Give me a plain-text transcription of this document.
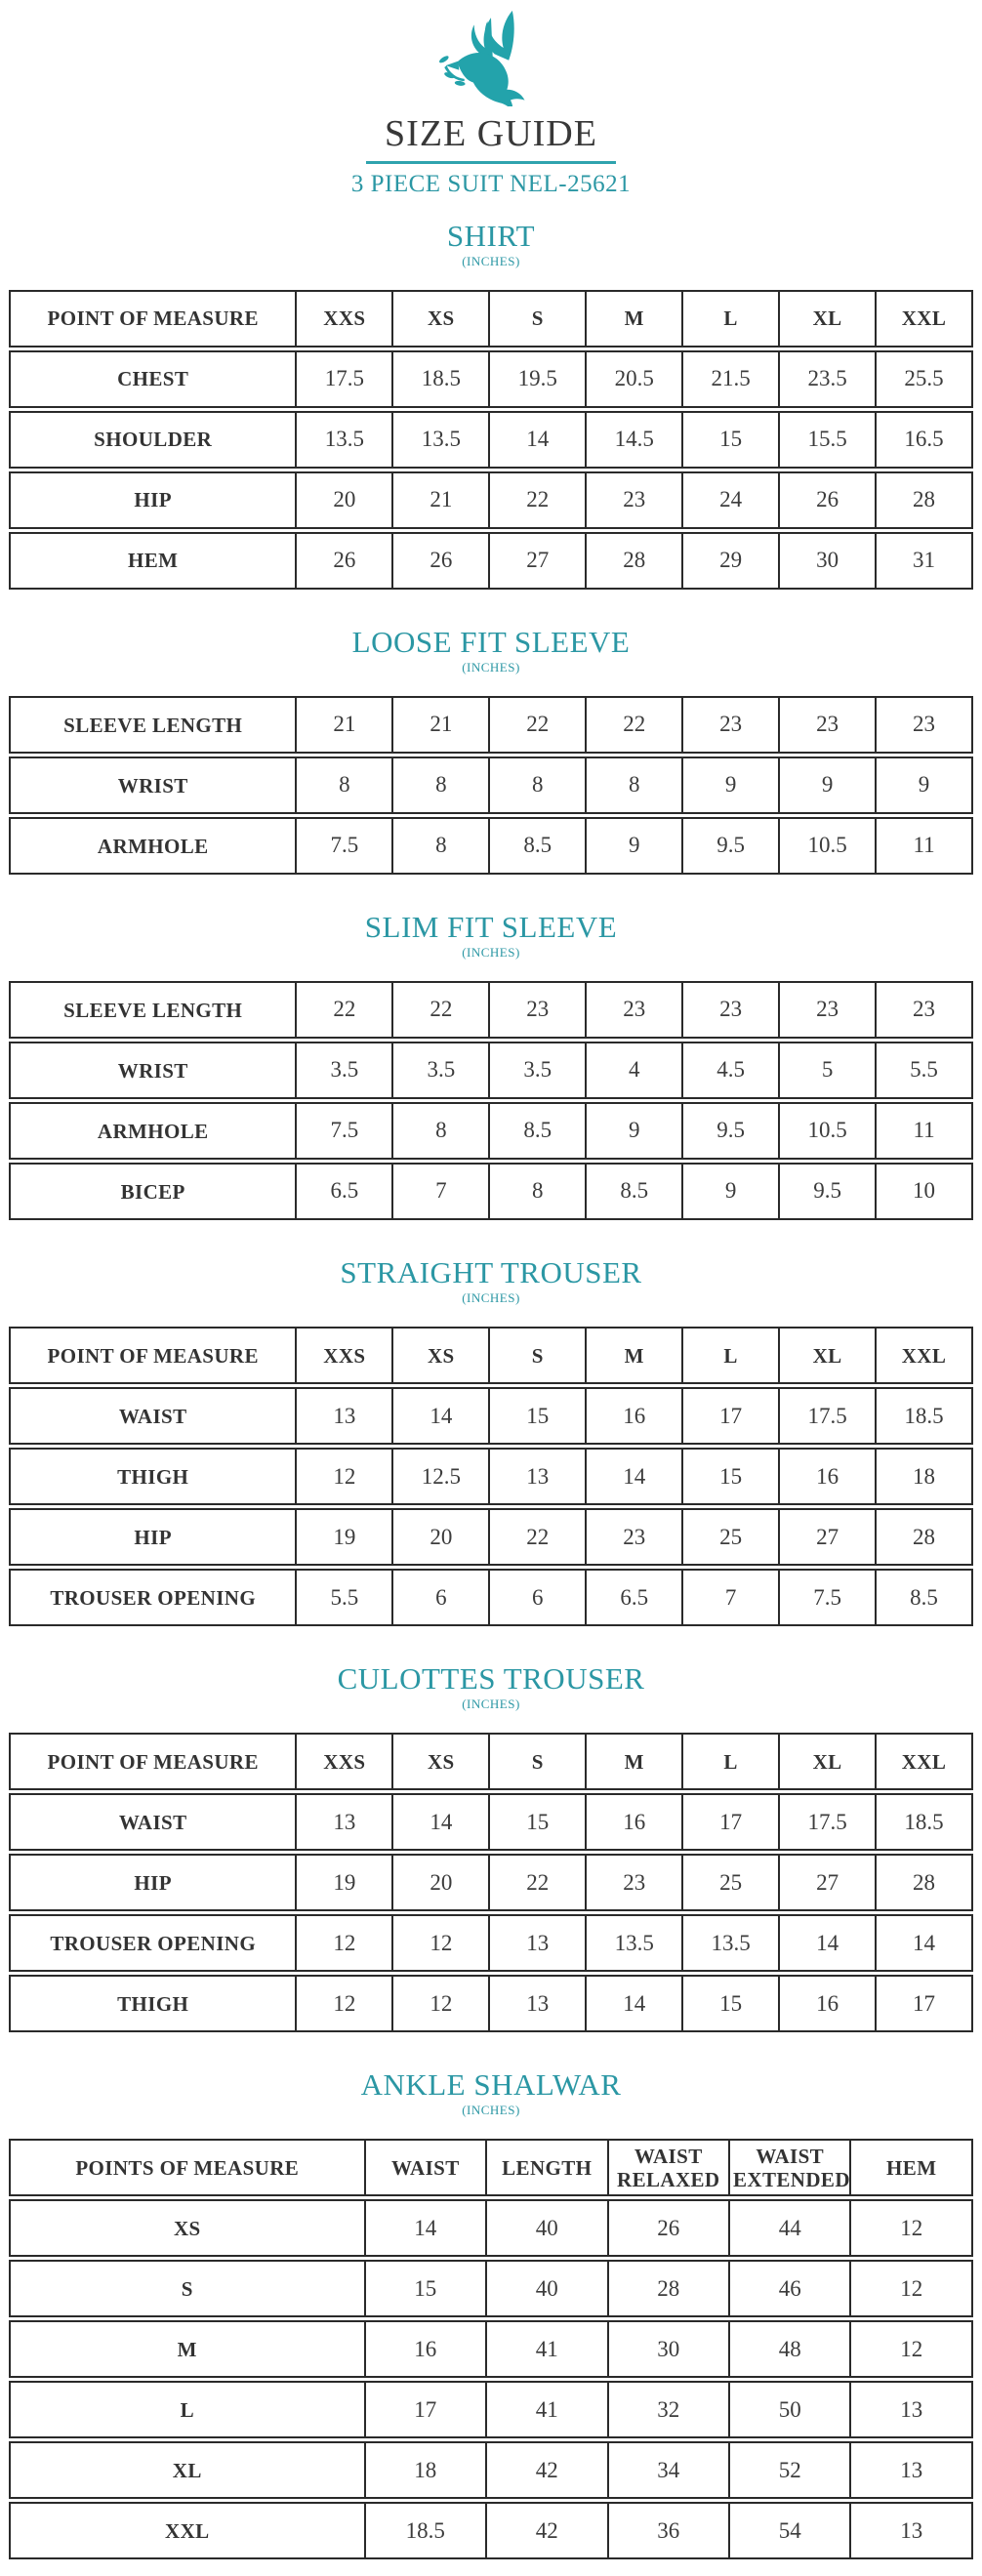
SIZE GUIDE
3 PIECE SUIT NEL-25621
SHIRT
(INCHES)
POINT OF MEASURE	XXS	XS	S	M	L	XL	XXL
CHEST	17.5	18.5	19.5	20.5	21.5	23.5	25.5
SHOULDER	13.5	13.5	14	14.5	15	15.5	16.5
HIP	20	21	22	23	24	26	28
HEM	26	26	27	28	29	30	31
LOOSE FIT SLEEVE
(INCHES)
SLEEVE LENGTH	21	21	22	22	23	23	23
WRIST	8	8	8	8	9	9	9
ARMHOLE	7.5	8	8.5	9	9.5	10.5	11
SLIM FIT SLEEVE
(INCHES)
SLEEVE LENGTH	22	22	23	23	23	23	23
WRIST	3.5	3.5	3.5	4	4.5	5	5.5
ARMHOLE	7.5	8	8.5	9	9.5	10.5	11
BICEP	6.5	7	8	8.5	9	9.5	10
STRAIGHT TROUSER
(INCHES)
POINT OF MEASURE	XXS	XS	S	M	L	XL	XXL
WAIST	13	14	15	16	17	17.5	18.5
THIGH	12	12.5	13	14	15	16	18
HIP	19	20	22	23	25	27	28
TROUSER OPENING	5.5	6	6	6.5	7	7.5	8.5
CULOTTES TROUSER
(INCHES)
POINT OF MEASURE	XXS	XS	S	M	L	XL	XXL
WAIST	13	14	15	16	17	17.5	18.5
HIP	19	20	22	23	25	27	28
TROUSER OPENING	12	12	13	13.5	13.5	14	14
THIGH	12	12	13	14	15	16	17
ANKLE SHALWAR
(INCHES)
POINTS OF MEASURE	WAIST	LENGTH	WAIST RELAXED	WAIST EXTENDED	HEM
XS	14	40	26	44	12
S	15	40	28	46	12
M	16	41	30	48	12
L	17	41	32	50	13
XL	18	42	34	52	13
XXL	18.5	42	36	54	13
